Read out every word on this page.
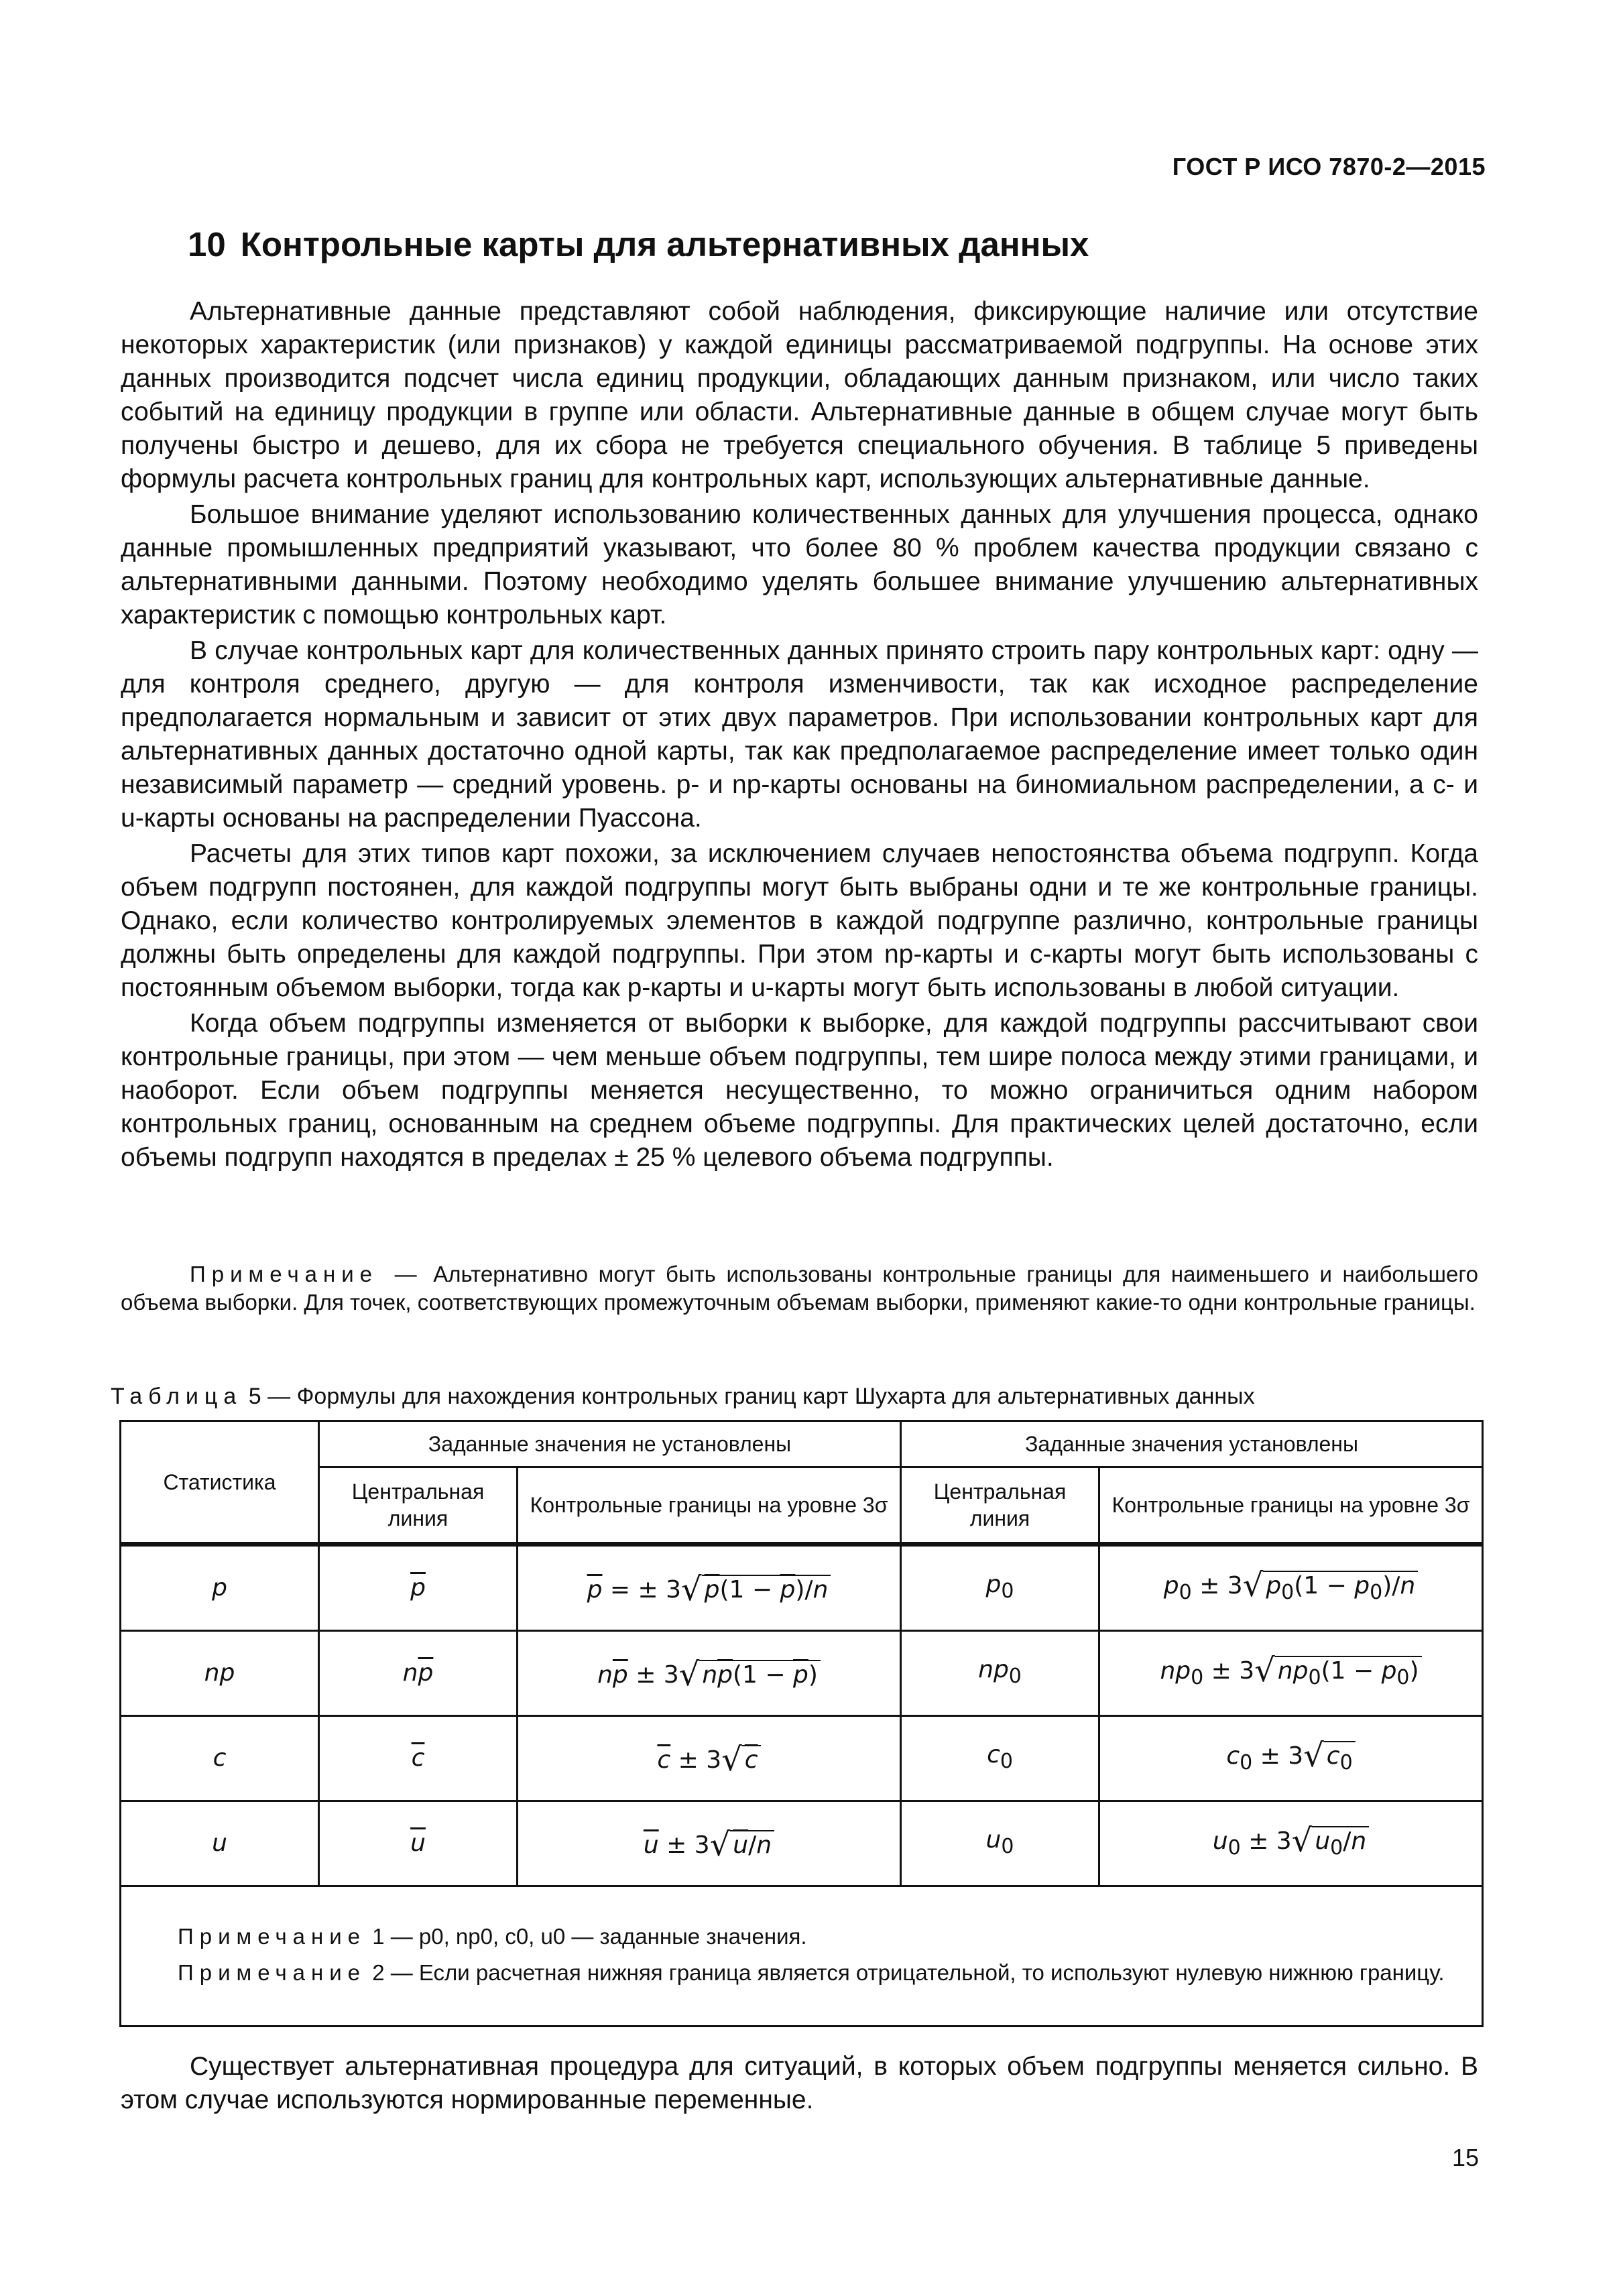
ГОСТ Р ИСО 7870-2—2015
10 Контрольные карты для альтернативных данных

Альтернативные данные представляют собой наблюдения, фиксирующие наличие или отсутствие некоторых характеристик (или признаков) у каждой единицы рассматриваемой подгруппы. На основе этих данных производится подсчет числа единиц продукции, обладающих данным признаком, или число таких событий на единицу продукции в группе или области. Альтернативные данные в общем случае могут быть получены быстро и дешево, для их сбора не требуется специального обучения. В таблице 5 приведены формулы расчета контрольных границ для контрольных карт, использующих альтернативные данные.

Большое внимание уделяют использованию количественных данных для улучшения процесса, однако данные промышленных предприятий указывают, что более 80 % проблем качества продукции связано с альтернативными данными. Поэтому необходимо уделять большее внимание улучшению альтернативных характеристик с помощью контрольных карт.

В случае контрольных карт для количественных данных принято строить пару контрольных карт: одну — для контроля среднего, другую — для контроля изменчивости, так как исходное распределение предполагается нормальным и зависит от этих двух параметров. При использовании контрольных карт для альтернативных данных достаточно одной карты, так как предполагаемое распределение имеет только один независимый параметр — средний уровень. p- и np-карты основаны на биномиальном распределении, а c- и u-карты основаны на распределении Пуассона.

Расчеты для этих типов карт похожи, за исключением случаев непостоянства объема подгрупп. Когда объем подгрупп постоянен, для каждой подгруппы могут быть выбраны одни и те же контрольные границы. Однако, если количество контролируемых элементов в каждой подгруппе различно, контрольные границы должны быть определены для каждой подгруппы. При этом np-карты и c-карты могут быть использованы с постоянным объемом выборки, тогда как p-карты и u-карты могут быть использованы в любой ситуации.

Когда объем подгруппы изменяется от выборки к выборке, для каждой подгруппы рассчитывают свои контрольные границы, при этом — чем меньше объем подгруппы, тем шире полоса между этими границами, и наоборот. Если объем подгруппы меняется несущественно, то можно ограничиться одним набором контрольных границ, основанным на среднем объеме подгруппы. Для практических целей достаточно, если объемы подгрупп находятся в пределах ± 25 % целевого объема подгруппы.

Примечание — Альтернативно могут быть использованы контрольные границы для наименьшего и наибольшего объема выборки. Для точек, соответствующих промежуточным объемам выборки, применяют какие-то одни контрольные границы.
Таблица 5 — Формулы для нахождения контрольных границ карт Шухарта для альтернативных данных
Статистика	Заданные значения не установлены		Заданные значения установлены	
	Центральная линия	Контрольные границы на уровне 3σ	Центральная линия	Контрольные границы на уровне 3σ
p	$\overline{p}$	$\overline{p}$ = ± 3√ $p(1 - \overline{p})/n$	$p_0$	$p_0 \pm 3√$ $p_0(1 - p_0)/n$
np	$n\overline{p}$	$n\overline{p} \pm 3√$ $n\overline{p}(1 - \overline{p})$	$np_0$	$np_0 \pm 3√$ $np_0(1 - p_0)$
c	$\overline{c}$	$\overline{c} \pm 3√$ c	$c_0$	$c_0 \pm 3√$ $c_0$
u	$\overline{u}$	$\overline{u} \pm 3√$ u/n	$u_0$	$u_0 \pm 3√$ $u_0/n$

Примечание 1 — p0, np0, c0, u0 — заданные значения.

Примечание 2 — Если расчетная нижняя граница является отрицательной, то используют нулевую нижнюю границу.				

Существует альтернативная процедура для ситуаций, в которых объем подгруппы меняется сильно. В этом случае используются нормированные переменные.

15
